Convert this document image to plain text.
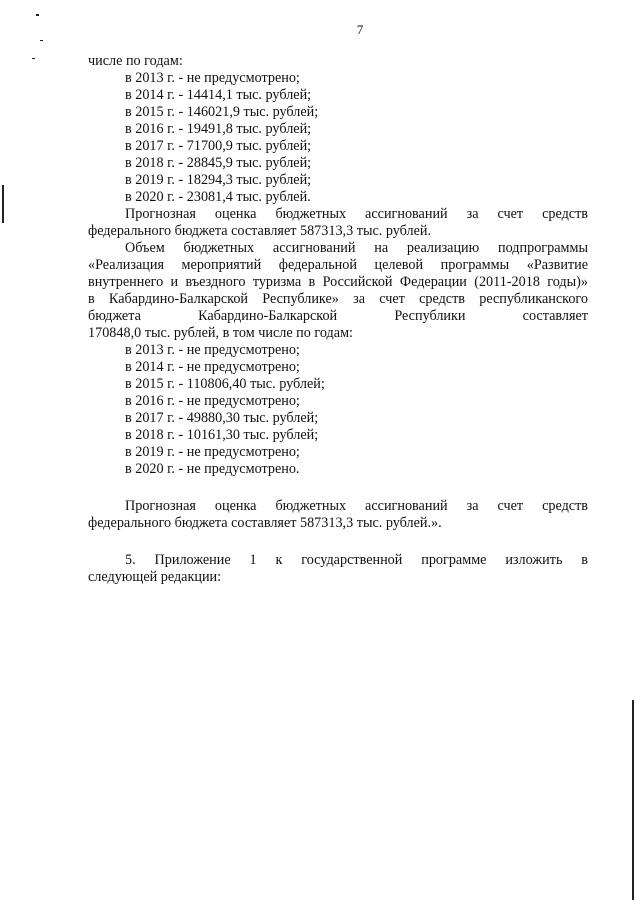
7
числе по годам:
в 2013 г. - не предусмотрено;
в 2014 г. - 14414,1 тыс. рублей;
в 2015 г. - 146021,9 тыс. рублей;
в 2016 г. - 19491,8 тыс. рублей;
в 2017 г. - 71700,9 тыс. рублей;
в 2018 г. - 28845,9 тыс. рублей;
в 2019 г. - 18294,3 тыс. рублей;
в 2020 г. - 23081,4 тыс. рублей.
Прогнозная оценка бюджетных ассигнований за счет средств
федерального бюджета составляет 587313,3 тыс. рублей.
Объем бюджетных ассигнований на реализацию подпрограммы
«Реализация мероприятий федеральной целевой программы «Развитие
внутреннего и въездного туризма в Российской Федерации (2011-2018 годы)»
в Кабардино-Балкарской Республике» за счет средств республиканского
бюджета Кабардино-Балкарской Республики составляет
170848,0 тыс. рублей, в том числе по годам:
в 2013 г. - не предусмотрено;
в 2014 г. - не предусмотрено;
в 2015 г. - 110806,40 тыс. рублей;
в 2016 г. - не предусмотрено;
в 2017 г. - 49880,30 тыс. рублей;
в 2018 г. - 10161,30 тыс. рублей;
в 2019 г. - не предусмотрено;
в 2020 г. - не предусмотрено.
Прогнозная оценка бюджетных ассигнований за счет средств
федерального бюджета составляет 587313,3 тыс. рублей.».
5. Приложение 1 к государственной программе изложить в
следующей редакции:
